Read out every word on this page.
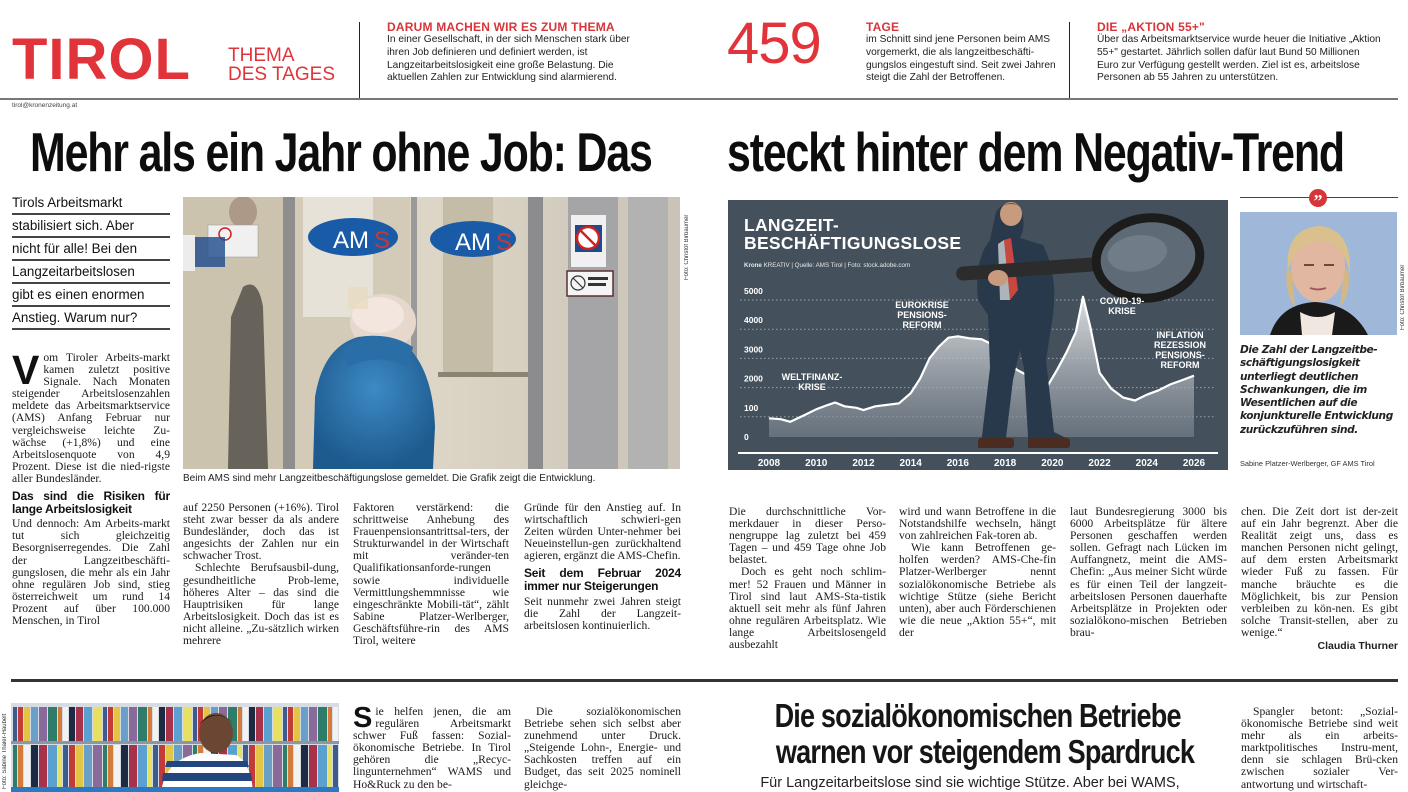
TIROL THEMA
DES TAGES
DARUM MACHEN WIR ES ZUM THEMA
In einer Gesellschaft, in der sich Menschen stark über ihren Job definieren und definiert werden, ist Langzeitarbeitslosigkeit eine große Belastung. Die aktuellen Zahlen zur Entwicklung sind alarmierend.
459	TAGE
im Schnitt sind jene Personen beim AMS vorgemerkt, die als langzeitbeschäfti-gungslos eingestuft sind. Seit zwei Jahren steigt die Zahl der Betroffenen.
DIE „AKTION 55+"
Über das Arbeitsmarktservice wurde heuer die Initiative „Aktion 55+" gestartet. Jährlich sollen dafür laut Bund 50 Millionen Euro zur Verfügung gestellt werden. Ziel ist es, arbeitslose Personen ab 55 Jahren zu unterstützen.
tirol@kronenzeitung.at
Mehr als ein Jahr ohne Job: Das steckt hinter dem Negativ-Trend
Tirols Arbeitsmarkt
stabilisiert sich. Aber
nicht für alle! Bei den
Langzeitarbeitslosen
gibt es einen enormen
Anstieg. Warum nur?
AM S	AM S	Foto: Christof Birbaumer
Beim AMS sind mehr Langzeitbeschäftigungslose gemeldet. Die Grafik zeigt die Entwicklung.

Vom Tiroler Arbeits-markt kamen zuletzt positive Signale. Nach Monaten steigender Arbeitslosenzahlen meldete das Arbeitsmarktservice (AMS) Anfang Februar nur vergleichsweise leichte Zu-wächse (+1,8%) und eine Arbeitslosenquote von 4,9 Prozent. Diese ist die nied-rigste aller Bundesländer.

Das sind die Risiken für lange Arbeitslosigkeit

Und dennoch: Am Arbeits-markt tut sich gleichzeitig Besorgniserregendes. Die Zahl der Langzeitbeschäfti-gungslosen, die mehr als ein Jahr ohne regulären Job sind, stieg österreichweit um rund 14 Prozent auf über 100.000 Menschen, in Tirol

auf 2250 Personen (+16%). Tirol steht zwar besser da als andere Bundesländer, doch das ist angesichts der Zahlen nur ein schwacher Trost.

Schlechte Berufsausbil-dung, gesundheitliche Prob-leme, höheres Alter – das sind die Hauptrisiken für lange Arbeitslosigkeit. Doch das ist es nicht alleine. „Zu-sätzlich wirken mehrere

Faktoren verstärkend: die schrittweise Anhebung des Frauenpensionsantrittsal-ters, der Strukturwandel in der Wirtschaft mit veränder-ten Qualifikationsanforde-rungen sowie individuelle Vermittlungshemmnisse wie eingeschränkte Mobili-tät“, zählt Sabine Platzer-Werlberger, Geschäftsführe-rin des AMS Tirol, weitere

Gründe für den Anstieg auf. In wirtschaftlich schwieri-gen Zeiten würden Unter-nehmer bei Neueinstellun-gen zurückhaltend agieren, ergänzt die AMS-Chefin.

Seit dem Februar 2024 immer nur Steigerungen

Seit nunmehr zwei Jahren steigt die Zahl der Langzeit-arbeitslosen kontinuierlich.

Die durchschnittliche Vor-merkdauer in dieser Perso-nengruppe lag zuletzt bei 459 Tagen – und 459 Tage ohne Job belastet.

Doch es geht noch schlim-mer! 52 Frauen und Männer in Tirol sind laut AMS-Sta-tistik aktuell seit mehr als fünf Jahren ohne regulären Arbeitsplatz. Wie lange Arbeitslosengeld ausbezahlt

wird und wann Betroffene in die Notstandshilfe wechseln, hängt von zahlreichen Fak-toren ab.

Wie kann Betroffenen ge-holfen werden? AMS-Che-fin Platzer-Werlberger nennt sozialökonomische Betriebe als wichtige Stütze (siehe Bericht unten), aber auch Förderschienen wie die neue „Aktion 55+“, mit der

laut Bundesregierung 3000 bis 6000 Arbeitsplätze für ältere Personen geschaffen werden sollen. Gefragt nach Lücken im Auffangnetz, meint die AMS-Chefin: „Aus meiner Sicht würde es für einen Teil der langzeit-arbeitslosen Personen dauerhafte Arbeitsplätze in Projekten oder sozialökono-mischen Betrieben brau-

chen. Die Zeit dort ist der-zeit auf ein Jahr begrenzt. Aber die Realität zeigt uns, dass es manchen Personen nicht gelingt, auf dem ersten Arbeitsmarkt wieder Fuß zu fassen. Für manche bräuchte es die Möglichkeit, bis zur Pension verbleiben zu kön-nen. Es gibt solche Transit-stellen, aber zu wenige.“

Claudia Thurner
LANGZEIT-
BESCHÄFTIGUNGSLOSE
Krone KREATIV | Quelle: AMS Tirol | Foto: stock.adobe.com
0
100
2000
3000
4000
5000
2008 2010 2012 2014 2016 2018 2020 2022 2024 2026
WELTFINANZ-
KRISE
EUROKRISE
PENSIONS-
REFORM
COVID-19-
KRISE
INFLATION
REZESSION
PENSIONS-
REFORM
”
Foto: Christof Birbaumer
Die Zahl der Langzeitbe-schäftigungslosigkeit unterliegt deutlichen Schwankungen, die im Wesentlichen auf die konjunkturelle Entwicklung zurückzuführen sind.
Sabine Platzer-Werlberger, GF AMS Tirol
Foto: Sabine Thaler-Haubelt	Sie helfen jenen, die am regulären Arbeitsmarkt schwer Fuß fassen: Sozial-ökonomische Betriebe. In Tirol gehören die „Recyc-lingunternehmen“ WAMS und Ho&Ruck zu den be-

Die sozialökonomischen Betriebe sehen sich selbst aber zunehmend unter Druck. „Steigende Lohn-, Energie- und Sachkosten treffen auf ein Budget, das seit 2025 nominell gleichge-

Die sozialökonomischen Betriebe
warnen vor steigendem Spardruck
Für Langzeitarbeitslose sind sie wichtige Stütze. Aber bei WAMS,

Spangler betont: „Sozial-ökonomische Betriebe sind weit mehr als ein arbeits-marktpolitisches Instru-ment, denn sie schlagen Brü-cken zwischen sozialer Ver-antwortung und wirtschaft-
